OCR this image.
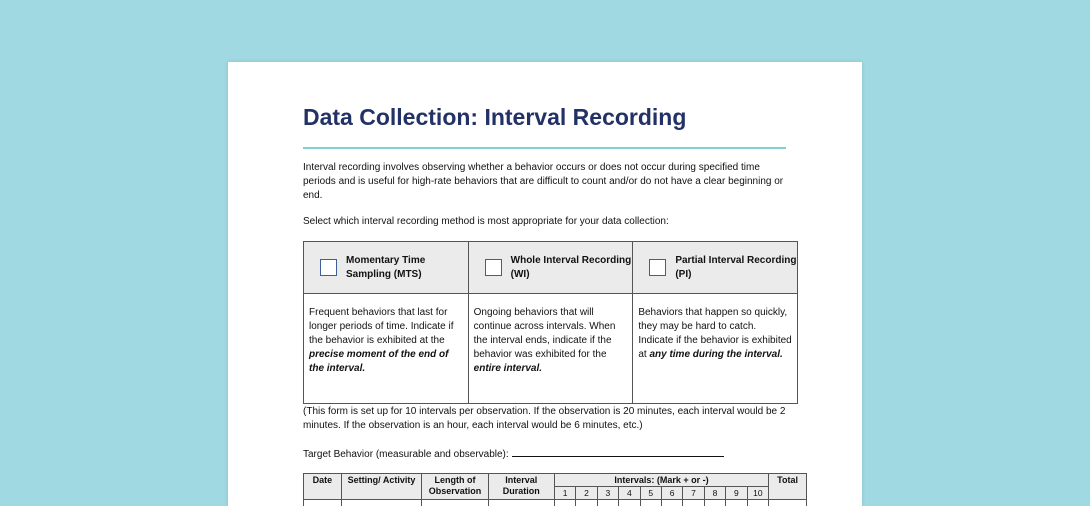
Data Collection: Interval Recording

Interval recording involves observing whether a behavior occurs or does not occur during specified time periods and is useful for high-rate behaviors that are difficult to count and/or do not have a clear beginning or end.

Select which interval recording method is most appropriate for your data collection:

Momentary Time Sampling (MTS)	Whole Interval Recording (WI)	Partial Interval Recording (PI)

Frequent behaviors that last for longer periods of time. Indicate if the behavior is exhibited at the precise moment of the end of the interval.	Ongoing behaviors that will continue across intervals. When the interval ends, indicate if the behavior was exhibited for the entire interval.	Behaviors that happen so quickly, they may be hard to catch. Indicate if the behavior is exhibited at any time during the interval.

(This form is set up for 10 intervals per observation. If the observation is 20 minutes, each interval would be 2 minutes. If the observation is an hour, each interval would be 6 minutes, etc.)

Target Behavior (measurable and observable):

Date	Setting/ Activity	Length of Observation	Interval Duration	Intervals: (Mark + or -)										Total
				1	2	3	4	5	6	7	8	9	10	
